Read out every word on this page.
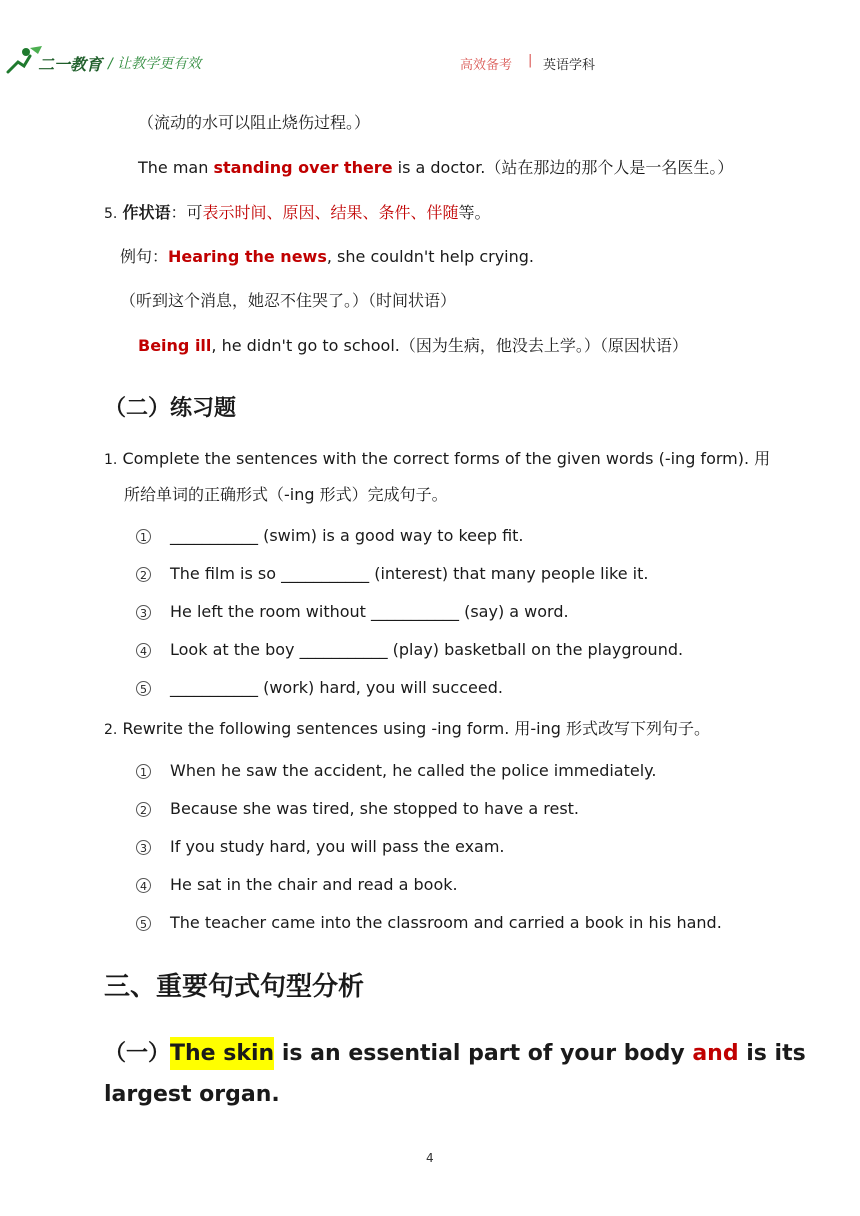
二一教育 / 让教学更有效	高效备考 | 英语学科
（流动的水可以阻止烧伤过程。）
The man standing over there is a doctor.（站在那边的那个人是一名医生。）
5. 作状语：可表示时间、原因、结果、条件、伴随等。
例句：Hearing the news, she couldn't help crying.
（听到这个消息，她忍不住哭了。）（时间状语）
Being ill, he didn't go to school.（因为生病，他没去上学。）（原因状语）
（二）练习题
1. Complete the sentences with the correct forms of the given words (-ing form). 用
所给单词的正确形式（-ing 形式）完成句子。
1 ___________ (swim) is a good way to keep fit.
2 The film is so ___________ (interest) that many people like it.
3 He left the room without ___________ (say) a word.
4 Look at the boy ___________ (play) basketball on the playground.
5 ___________ (work) hard, you will succeed.
2. Rewrite the following sentences using -ing form. 用-ing 形式改写下列句子。
1 When he saw the accident, he called the police immediately.
2 Because she was tired, she stopped to have a rest.
3 If you study hard, you will pass the exam.
4 He sat in the chair and read a book.
5 The teacher came into the classroom and carried a book in his hand.
三、重要句式句型分析
（一）The skin is an essential part of your body and is its
largest organ.
4
